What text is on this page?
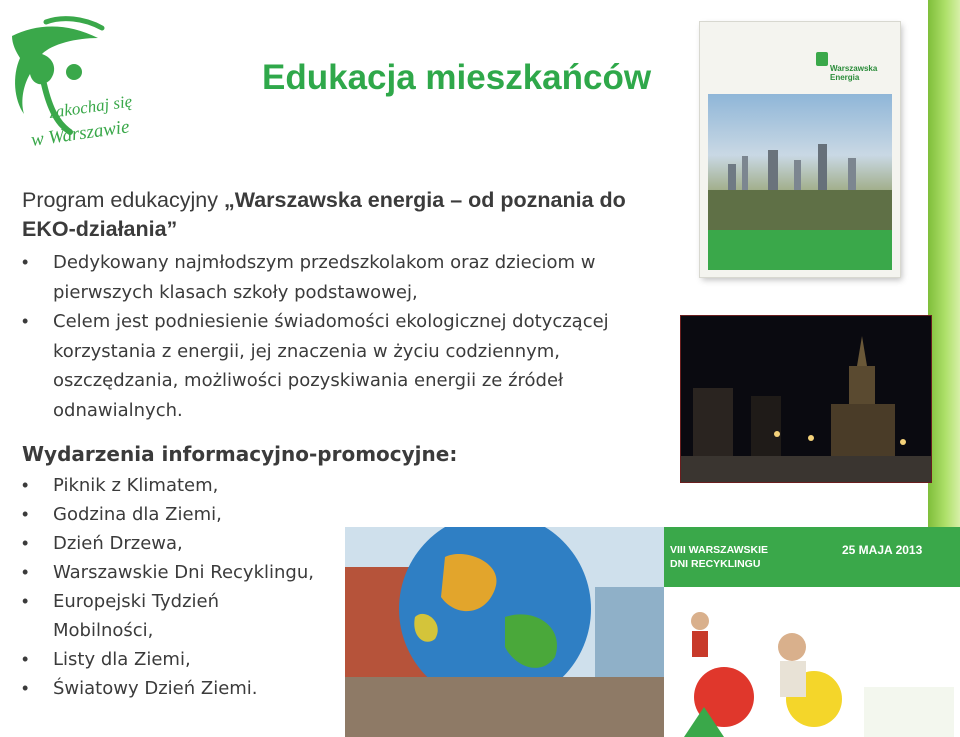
zakochaj się
w Warszawie
Edukacja mieszkańców

Program edukacyjny „Warszawska energia – od poznania do EKO-działania”

• Dedykowany najmłodszym przedszkolakom oraz dzieciom w pierwszych klasach szkoły podstawowej,
• Celem jest podniesienie świadomości ekologicznej dotyczącej korzystania z energii, jej znaczenia w życiu codziennym, oszczędzania, możliwości pozyskiwania energii ze źródeł odnawialnych.
Wydarzenia informacyjno-promocyjne:
• Piknik z Klimatem,
• Godzina dla Ziemi,
• Dzień Drzewa,
• Warszawskie Dni Recyklingu,
• Europejski Tydzień Mobilności,
• Listy dla Ziemi,
• Światowy Dzień Ziemi.
Warszawska Energia
VIII WARSZAWSKIE
DNI RECYKLINGU
25 MAJA 2013
